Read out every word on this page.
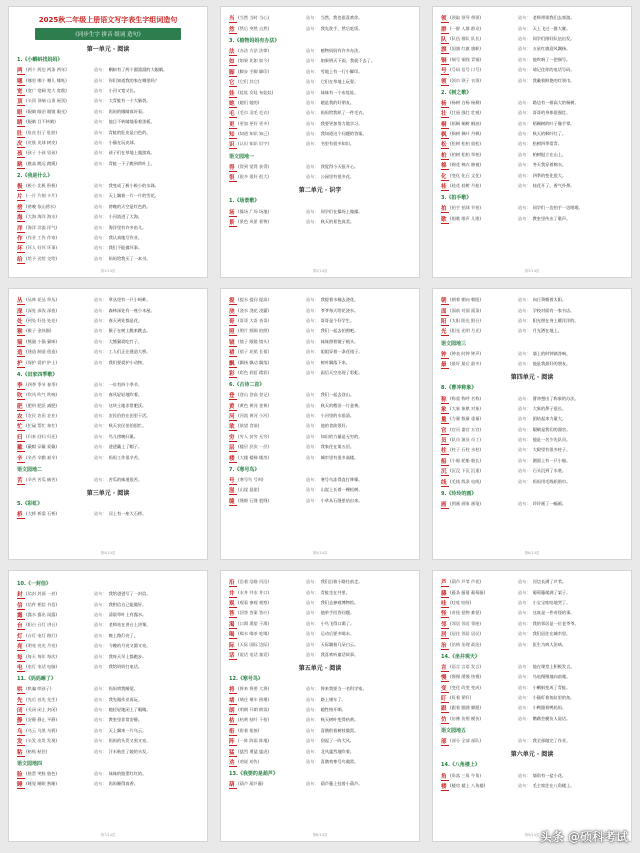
2025秋二年级上册语文写字表生字组词造句
《同步生字 拼音 组词 造句》
第一单元 · 阅读
1.《小蝌蚪找妈妈》
两 (两个 两边 两条 两年)	造句： 蝌蚪有了两个圆溜溜的大眼睛。
哪 (哪里 哪个 哪儿 哪吒)	造句： 你们知道我的家在哪里吗？
宽 (宽广 宽阔 宽大 宽敞)	造句： 小河又宽又长。
顶 (头顶 顶端 山顶 屋顶)	造句： 大青蛙有一个大脑袋。
眼 (眼睛 眼泪 眼镜 眼光)	造句： 妈妈的眼睛真好看。
睛 (眼睛 目不转睛)	造句： 他目不转睛地看着黑板。
肚 (肚皮 肚子 肚脐)	造句： 青蛙的肚皮是白色的。
皮 (皮肤 皮球 树皮)	造句： 小猫在玩皮球。
孩 (孩子 小孩 男孩)	造句： 孩子们在草地上做游戏。
跳 (跳高 跳远 跳绳)	造句： 青蛙一下子跳到荷叶上。
2.《我是什么》
极 (极小 北极 积极)	造句： 我变成了极小极小的水珠。
片 (一片 片刻 卡片)	造句： 天上飘着一片一片的雪花。
傍 (傍晚 依山傍水)	造句： 傍晚的天空是红色的。
海 (大海 海洋 海水)	造句： 小河流进了大海。
洋 (海洋 洋流 洋气)	造句： 海洋里有许多鱼儿。
作 (作业 工作 作家)	造句： 我认真地写作业。
坏 (坏人 好坏 坏事)	造句： 我们不能做坏事。
给 (给予 送给 交给)	造句： 妈妈给我买了一本书。
第1/14页
当 (当然 当时 当心)	造句： 当然，我也很喜欢你。
然 (然后 突然 自然)	造句： 我先洗手，然后吃饭。
3.《植物妈妈有办法》
法 (办法 方法 法律)	造句： 植物妈妈有许多办法。
如 (如果 比如 如今)	造句： 如果明天下雨，我就不去了。
脚 (脚步 手脚 脚印)	造句： 雪地上有一行小脚印。
它 (它们 其它)	造句： 它们在草地上玩耍。
娃 (娃娃 女娃 布娃娃)	造句： 妹妹有一个布娃娃。
她 (她们 她的)	造句： 她是我的好朋友。
毛 (毛巾 羽毛 毛衣)	造句： 妈妈给我织了一件毛衣。
更 (更加 更好 更多)	造句： 我要更加努力地学习。
知 (知道 知识 知己)	造句： 我知道这个问题的答案。
识 (认识 知识 识字)	造句： 书里有很多知识。
语文园地一
得 (得到 觉得 获得)	造句： 我觉得今天很开心。
很 (很多 很好 很大)	造句： 公园里有很多花。
第二单元 · 识字
1.《场景歌》
场 (操场 广场 场地)	造句： 同学们在操场上做操。
景 (景色 风景 景物)	造句： 秋天的景色真美。
第2/14页
领 (领取 领导 带领)	造句： 老师带领我们去郊游。
群 (一群 人群 群众)	造句： 天上飞过一群大雁。
队 (队伍 排队 队长)	造句： 同学们排好队伍出发。
旗 (国旗 红旗 旗帜)	造句： 五星红旗迎风飘扬。
铜 (铜号 铜钱 青铜)	造句： 他吹响了一把铜号。
号 (号码 信号 口号)	造句： 请记住你的电话号码。
领 (领巾 领子 衣领)	造句： 我戴着鲜艳的红领巾。
2.《树之歌》
杨 (杨树 白杨 杨柳)	造句： 路边有一排高大的杨树。
壮 (壮丽 强壮 壮观)	造句： 哥哥的身体很强壮。
桐 (梧桐 桐树 桐油)	造句： 梧桐树的叶子像手掌。
枫 (枫树 枫叶 丹枫)	造句： 秋天的枫叶红了。
松 (松树 松柏 放松)	造句： 松树四季常青。
柏 (柏树 松柏 翠柏)	造句： 柏树挺立在山上。
棉 (棉花 棉衣 棉被)	造句： 冬天我穿着棉衣。
化 (变化 化石 文化)	造句： 四季的变化很大。
桂 (桂花 桂树 月桂)	造句： 桂花开了，香气扑鼻。
3.《拍手歌》
拍 (拍手 拍球 节拍)	造句： 同学们一边拍手一边唱歌。
歌 (唱歌 歌声 儿歌)	造句： 教室里传出了歌声。
第3/14页
丛 (丛林 花丛 草丛)	造句： 草丛里有一只小蚂蚱。
深 (深处 深浅 深夜)	造句： 森林深处有一座小木屋。
处 (到处 好处 处处)	造句： 春天到处都是花。
猴 (猴子 金丝猴)	造句： 猴子在树上跳来跳去。
猫 (熊猫 小猫 猫咪)	造句： 大熊猫爱吃竹子。
造 (建造 制造 创造)	造句： 工人们正在建造大桥。
护 (保护 爱护 护士)	造句： 我们要爱护小动物。
4.《田家四季歌》
季 (四季 季节 春季)	造句： 一年有四个季节。
吹 (吹风 吹气 吹响)	造句： 春风轻轻地吹着。
肥 (肥料 肥沃 减肥)	造句： 这块土地非常肥沃。
农 (农民 农田 农业)	造句： 农民伯伯在田里干活。
忙 (忙碌 帮忙 匆忙)	造句： 秋天农民伯伯很忙。
归 (归来 回归 归还)	造句： 鸟儿傍晚归巢。
戴 (戴帽 穿戴 爱戴)	造句： 爸爸戴上了帽子。
辛 (辛苦 辛勤 艰辛)	造句： 妈妈工作很辛苦。
语文园地二
苦 (辛苦 苦瓜 痛苦)	造句： 苦瓜的味道很苦。
第三单元 · 阅读
5.《彩虹》
桥 (大桥 桥梁 石桥)	造句： 河上有一座大石桥。
第4/14页
提 (提水 提问 提高)	造句： 我提着水桶去浇花。
浇 (浇水 浇花 浇灌)	造句： 爷爷每天给花浇水。
哥 (哥哥 大哥 表哥)	造句： 哥哥是个好学生。
照 (照片 照顾 拍照)	造句： 我们一起去拍照吧。
镜 (镜子 眼镜 镜头)	造句： 妹妹照着镜子梳头。
裙 (裙子 花裙 长裙)	造句： 姐姐穿着一条花裙子。
飘 (飘扬 飘动 飘落)	造句： 树叶飘落下来。
彩 (彩色 彩虹 精彩)	造句： 雨后天空出现了彩虹。
6.《古诗二首》
登 (登山 登高 登记)	造句： 我们一起去登山。
黄 (黄色 黄河 金黄)	造句： 秋天的稻田一片金黄。
河 (河流 黄河 小河)	造句： 小河里的水很清。
欲 (欲望 食欲)	造句： 他的食欲很好。
穷 (穷人 贫穷 无穷)	造句： 知识的力量是无穷的。
层 (楼层 层次 一层)	造句： 我家住在第五层。
楼 (大楼 楼梯 楼房)	造句： 城市里有很多高楼。
7.《寒号鸟》
号 (寒号鸟 号叫)	造句： 寒号鸟冻得直打哆嗦。
崖 (山崖 悬崖)	造句： 山崖上长着一棵松树。
缝 (缝隙 石缝 裂缝)	造句： 小草从石缝里钻出来。
第5/14页
朝 (朝着 朝向 朝阳)	造句： 向日葵朝着太阳。
面 (面前 对面 面条)	造句： 学校对面有一家书店。
阳 (太阳 阳光 阳台)	造句： 阳光照在身上暖洋洋的。
光 (阳光 光明 月光)	造句： 月光洒在地上。
语文园地三
钟 (钟表 时钟 钟声)	造句： 墙上的时钟滴答响。
最 (最好 最后 最多)	造句： 他是我最好的朋友。
第四单元 · 阅读
8.《曹冲称象》
称 (称重 称呼 名称)	造句： 曹冲想出了称象的办法。
象 (大象 象棋 对象)	造句： 大象的鼻子很长。
量 (力量 数量 重量)	造句： 团结起来力量大。
官 (官员 器官 五官)	造句： 眼睛是我们的器官。
员 (队员 演员 员工)	造句： 他是一名少先队员。
柱 (柱子 石柱 水柱)	造句： 大殿里有很多柱子。
船 (小船 轮船 船长)	造句： 湖面上有一只小船。
沉 (沉没 下沉 沉重)	造句： 石头沉到了水底。
线 (毛线 线条 电线)	造句： 妈妈用毛线织围巾。
9.《玲玲的画》
画 (图画 画家 画笔)	造句： 玲玲画了一幅画。
第6/14页
10.《一封信》
封 (信封 封面 一封)	造句： 我给爸爸写了一封信。
信 (信件 相信 书信)	造句： 我相信自己能做好。
露 (露水 露出 雨露)	造句： 清晨草叶上有露水。
台 (阳台 台灯 讲台)	造句： 老师站在讲台上讲课。
灯 (台灯 电灯 路灯)	造句： 晚上路灯亮了。
亮 (明亮 亮光 月亮)	造句： 今晚的月亮又圆又亮。
每 (每天 每年 每次)	造句： 我每天早上都跑步。
电 (电灯 电话 电脑)	造句： 我给奶奶打电话。
11.《妈妈睡了》
哄 (哄骗 哄孩子)	造句： 妈妈哄我睡觉。
先 (先后 首先 先生)	造句： 我先做作业再玩。
闭 (关闭 闭上 封闭)	造句： 她轻轻地闭上了眼睛。
静 (安静 静止 平静)	造句： 教室里非常安静。
乌 (乌云 乌黑 乌鸦)	造句： 天上飘来一片乌云。
发 (头发 出发 发现)	造句： 妈妈的头发又黑又亮。
粘 (粘贴 粘住)	造句： 汗水粘住了她的头发。
语文园地四
脸 (脸蛋 笑脸 脸色)	造句： 妹妹的脸蛋红红的。
睡 (睡觉 睡眠 熟睡)	造句： 妈妈睡得真香。
第7/14页
沿 (沿着 沿路 河沿)	造句： 我们沿着小路往前走。
井 (水井 井水 井口)	造句： 青蛙坐在井里。
观 (观看 参观 观察)	造句： 我们去参观博物馆。
答 (回答 答案 答应)	造句： 他举手回答问题。
渴 (口渴 渴望 干渴)	造句： 小鸟飞得口渴了。
喝 (喝水 喝茶 吃喝)	造句： 运动后要多喝水。
际 (天际 国际 边际)	造句： 天际飘着几朵白云。
话 (说话 电话 童话)	造句： 我喜欢听童话故事。
第五单元 · 阅读
12.《寒号鸟》
将 (将来 将要 大将)	造句： 将来我要当一名科学家。
堵 (堵住 堵车 围堵)	造句： 路上堵车了。
朗 (明朗 开朗 朗读)	造句： 她性格开朗。
枯 (枯黄 枯叶 干枯)	造句： 秋天树叶变得枯黄。
衔 (衔着 衔接)	造句： 喜鹊衔着树枝做窝。
阵 (一阵 阵雨 阵地)	造句： 刮起了一阵大风。
猛 (猛烈 勇猛 猛虎)	造句： 北风猛烈地吹着。
劝 (劝说 劝告)	造句： 喜鹊劝寒号鸟做窝。
13.《我要的是葫芦》
葫 (葫芦 葫芦藤)	造句： 葫芦藤上挂着小葫芦。
第8/14页
芦 (葫芦 芦苇 芦花)	造句： 河边长满了芦苇。
藤 (藤条 藤蔓 葡萄藤)	造句： 葡萄藤爬满了架子。
哇 (哇哇 哇呀)	造句： 小宝宝哇哇地哭了。
怪 (奇怪 怪物 难怪)	造句： 这真是一件奇怪的事。
邻 (邻居 邻近 邻座)	造句： 我的邻居是一位老爷爷。
居 (居住 邻居 居民)	造句： 我们居住在城市里。
治 (治病 治理 政治)	造句： 医生为病人治病。
14.《坐井观天》
言 (语言 言语 发言)	造句： 他在课堂上积极发言。
慢 (慢慢 缓慢 快慢)	造句： 乌龟慢慢地向前爬。
变 (变化 改变 变成)	造句： 小蝌蚪变成了青蛙。
盯 (盯着 紧盯)	造句： 小猫盯着鱼缸里的鱼。
跟 (跟着 跟随 脚跟)	造句： 小鸭跟着鸭妈妈。
仿 (仿佛 仿照 模仿)	造句： 鹦鹉会模仿人说话。
语文园地五
部 (部分 全部 部队)	造句： 我全部做完了作业。
第六单元 · 阅读
14.《八角楼上》
角 (角落 三角 牛角)	造句： 墙角有一盆小花。
楼 (楼房 楼上 八角楼)	造句： 毛主席住在八角楼上。
第9/14页 头条 @硕科考试
